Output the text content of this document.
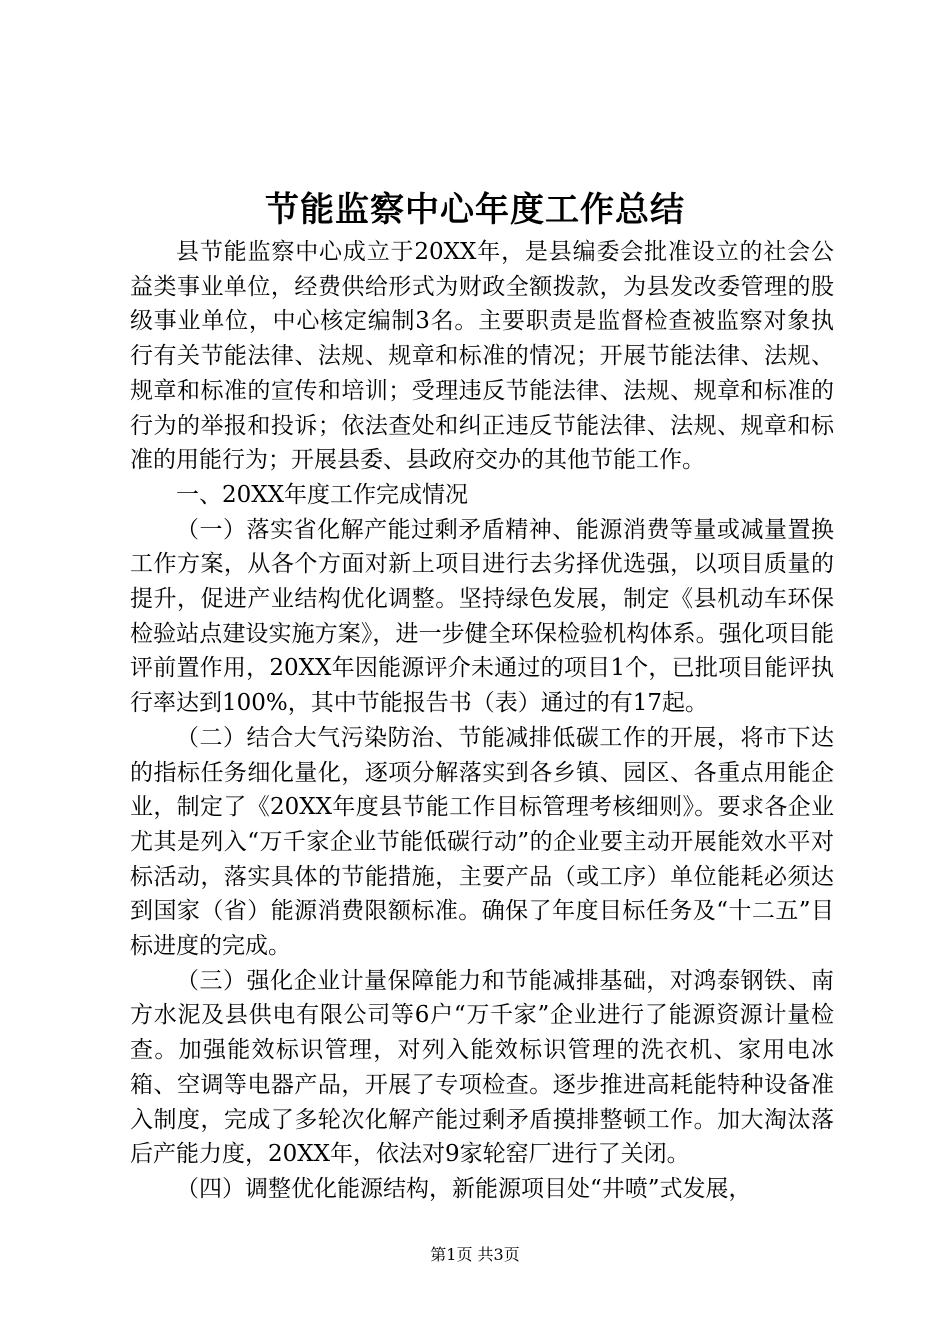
节能监察中心年度工作总结

县节能监察中心成立于20XX年，是县编委会批准设立的社会公益类事业单位，经费供给形式为财政全额拨款，为县发改委管理的股级事业单位，中心核定编制3名。主要职责是监督检查被监察对象执行有关节能法律、法规、规章和标准的情况；开展节能法律、法规、规章和标准的宣传和培训；受理违反节能法律、法规、规章和标准的行为的举报和投诉；依法查处和纠正违反节能法律、法规、规章和标准的用能行为；开展县委、县政府交办的其他节能工作。

一、20XX年度工作完成情况

（一）落实省化解产能过剩矛盾精神、能源消费等量或减量置换工作方案，从各个方面对新上项目进行去劣择优选强，以项目质量的提升，促进产业结构优化调整。坚持绿色发展，制定《县机动车环保检验站点建设实施方案》，进一步健全环保检验机构体系。强化项目能评前置作用，20XX年因能源评介未通过的项目1个，已批项目能评执行率达到100%，其中节能报告书（表）通过的有17起。

（二）结合大气污染防治、节能减排低碳工作的开展，将市下达的指标任务细化量化，逐项分解落实到各乡镇、园区、各重点用能企业，制定了《20XX年度县节能工作目标管理考核细则》。要求各企业尤其是列入“万千家企业节能低碳行动”的企业要主动开展能效水平对标活动，落实具体的节能措施，主要产品（或工序）单位能耗必须达到国家（省）能源消费限额标准。确保了年度目标任务及“十二五”目标进度的完成。

（三）强化企业计量保障能力和节能减排基础，对鸿泰钢铁、南方水泥及县供电有限公司等6户“万千家”企业进行了能源资源计量检查。加强能效标识管理，对列入能效标识管理的洗衣机、家用电冰箱、空调等电器产品，开展了专项检查。逐步推进高耗能特种设备准入制度，完成了多轮次化解产能过剩矛盾摸排整顿工作。加大淘汰落后产能力度，20XX年，依法对9家轮窑厂进行了关闭。

（四）调整优化能源结构，新能源项目处“井喷”式发展，

第1页 共3页
